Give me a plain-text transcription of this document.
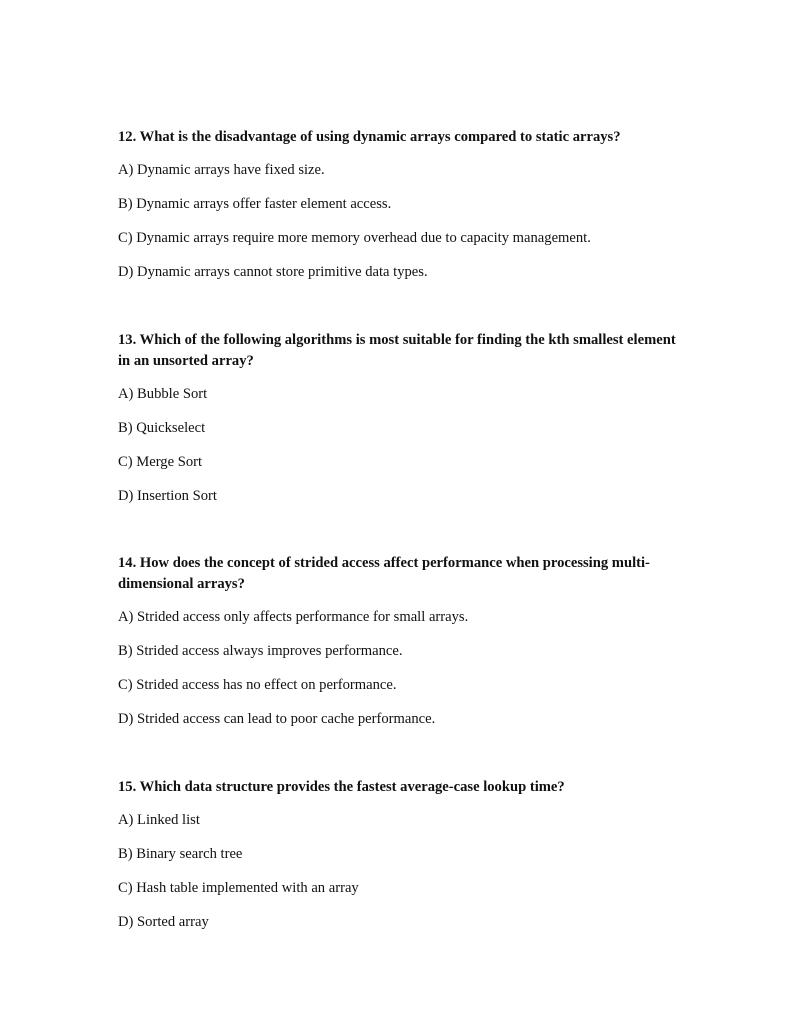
12. What is the disadvantage of using dynamic arrays compared to static arrays?

A) Dynamic arrays have fixed size.

B) Dynamic arrays offer faster element access.

C) Dynamic arrays require more memory overhead due to capacity management.

D) Dynamic arrays cannot store primitive data types.

13. Which of the following algorithms is most suitable for finding the kth smallest element in an unsorted array?

A) Bubble Sort

B) Quickselect

C) Merge Sort

D) Insertion Sort

14. How does the concept of strided access affect performance when processing multi-dimensional arrays?

A) Strided access only affects performance for small arrays.

B) Strided access always improves performance.

C) Strided access has no effect on performance.

D) Strided access can lead to poor cache performance.

15. Which data structure provides the fastest average-case lookup time?

A) Linked list

B) Binary search tree

C) Hash table implemented with an array

D) Sorted array
